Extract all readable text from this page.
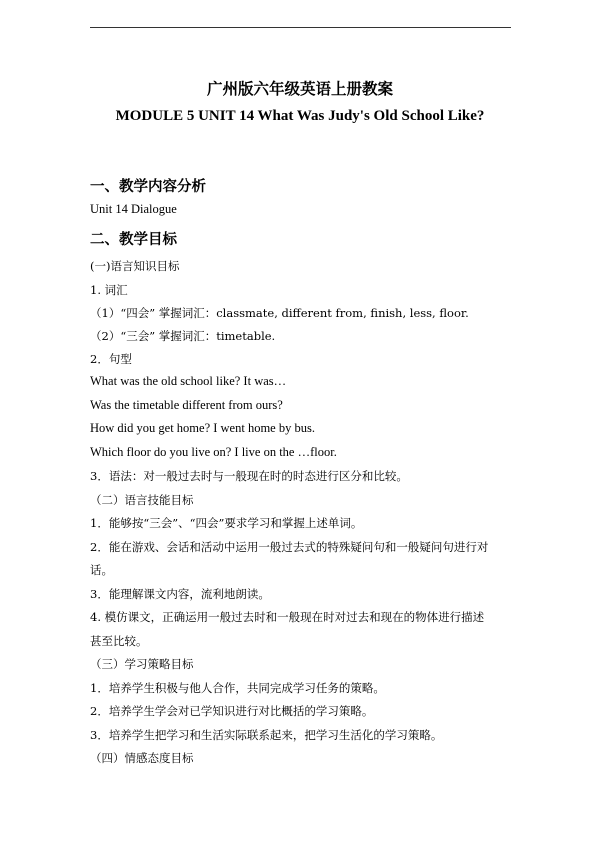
广州版六年级英语上册教案
MODULE 5 UNIT 14 What Was Judy's Old School Like?
一、教学内容分析
Unit 14 Dialogue
二、教学目标
(一)语言知识目标
1. 词汇
（1）“四会” 掌握词汇：classmate, different from, finish, less, floor.
（2）“三会” 掌握词汇：timetable.
2．句型
What was the old school like? It was…
Was the timetable different from ours?
How did you get home? I went home by bus.
Which floor do you live on? I live on the …floor.
3．语法：对一般过去时与一般现在时的时态进行区分和比较。
（二）语言技能目标
1．能够按“三会”、“四会”要求学习和掌握上述单词。
2．能在游戏、会话和活动中运用一般过去式的特殊疑问句和一般疑问句进行对
话。
3．能理解课文内容，流利地朗读。
4. 模仿课文，正确运用一般过去时和一般现在时对过去和现在的物体进行描述
甚至比较。
（三）学习策略目标
1．培养学生积极与他人合作，共同完成学习任务的策略。
2．培养学生学会对已学知识进行对比概括的学习策略。
3．培养学生把学习和生活实际联系起来，把学习生活化的学习策略。
（四）情感态度目标
